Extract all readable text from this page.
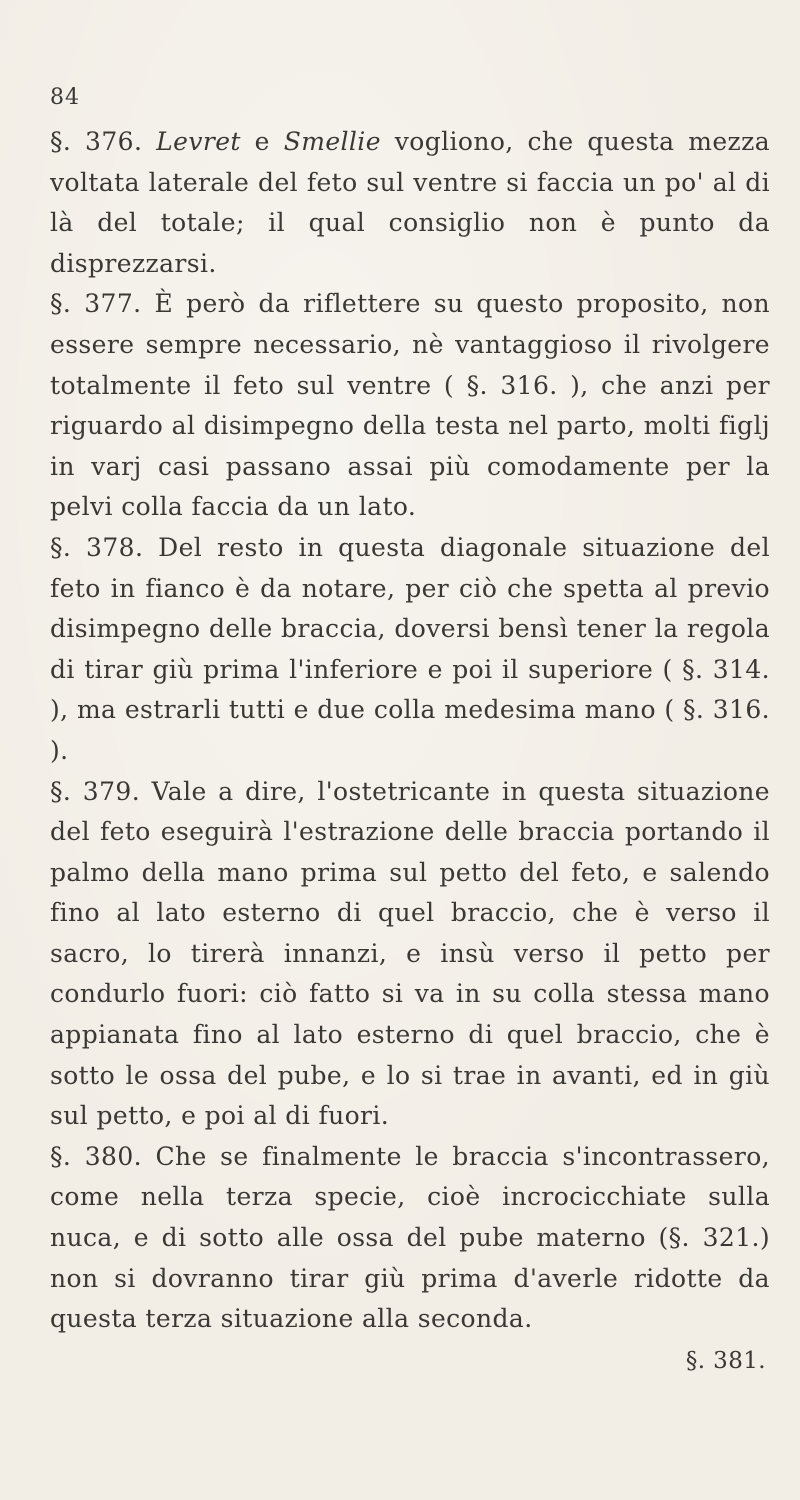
84

§. 376. Levret e Smellie vogliono, che questa mezza voltata laterale del feto sul ventre si faccia un po' al di là del totale; il qual consiglio non è punto da disprezzarsi.

§. 377. È però da riflettere su questo proposito, non essere sempre necessario, nè vantaggioso il rivolgere totalmente il feto sul ventre ( §. 316. ), che anzi per riguardo al disimpegno della testa nel parto, molti figlj in varj casi passano assai più comodamente per la pelvi colla faccia da un lato.

§. 378. Del resto in questa diagonale situazione del feto in fianco è da notare, per ciò che spetta al previo disimpegno delle braccia, doversi bensì tener la regola di tirar giù prima l'inferiore e poi il superiore ( §. 314. ), ma estrarli tutti e due colla medesima mano ( §. 316. ).

§. 379. Vale a dire, l'ostetricante in questa situazione del feto eseguirà l'estrazione delle braccia portando il palmo della mano prima sul petto del feto, e salendo fino al lato esterno di quel braccio, che è verso il sacro, lo tirerà innanzi, e insù verso il petto per condurlo fuori: ciò fatto si va in su colla stessa mano appianata fino al lato esterno di quel braccio, che è sotto le ossa del pube, e lo si trae in avanti, ed in giù sul petto, e poi al di fuori.

§. 380. Che se finalmente le braccia s'incontrassero, come nella terza specie, cioè incrocicchiate sulla nuca, e di sotto alle ossa del pube materno (§. 321.) non si dovranno tirar giù prima d'averle ridotte da questa terza situazione alla seconda.

§. 381.
